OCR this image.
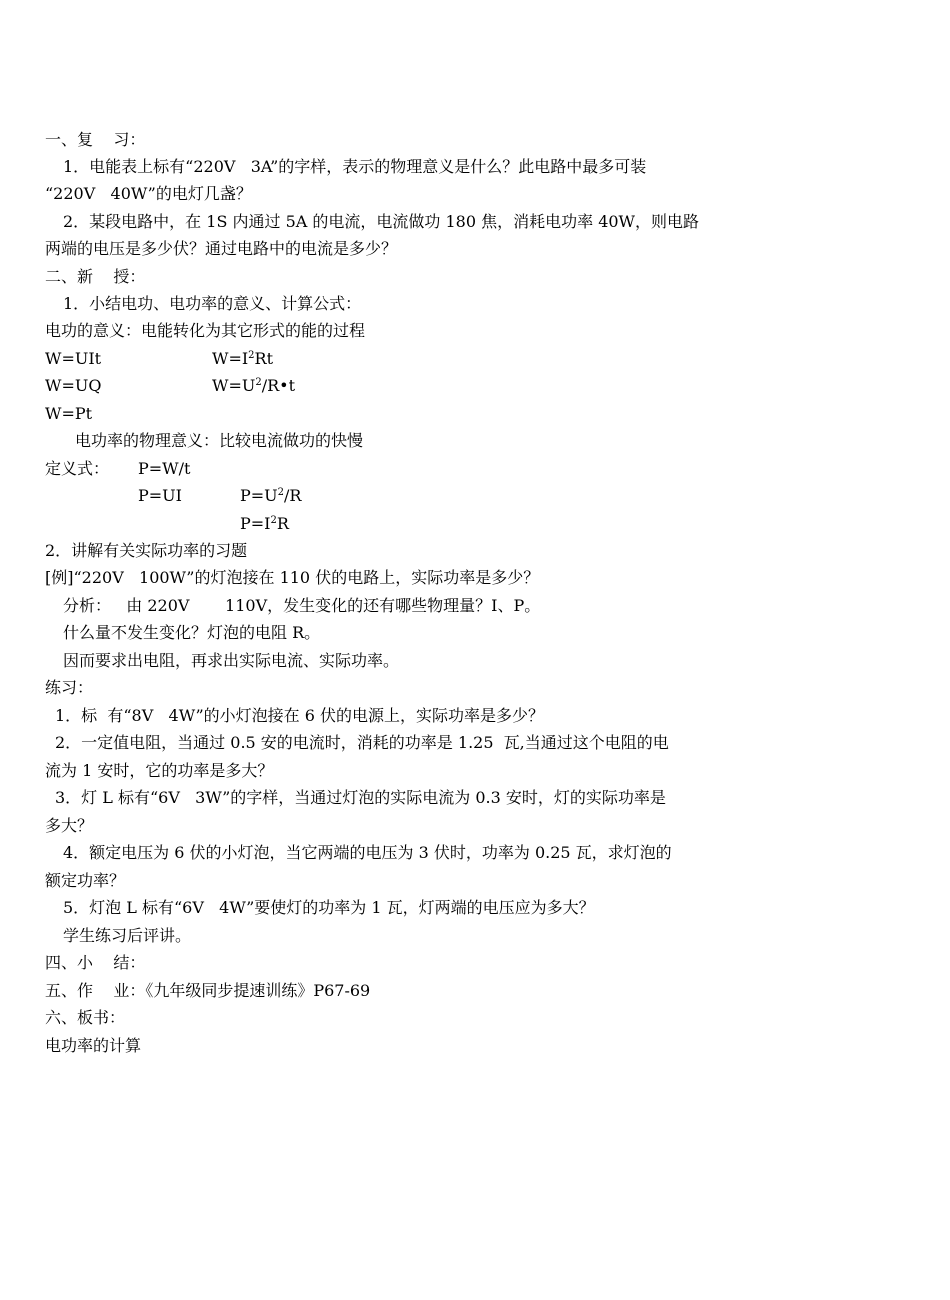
一、复    习：
1．电能表上标有“220V   3A”的字样，表示的物理意义是什么？此电路中最多可装
“220V   40W”的电灯几盏？
2．某段电路中，在 1S 内通过 5A 的电流，电流做功 180 焦，消耗电功率 40W，则电路
两端的电压是多少伏？通过电路中的电流是多少？
二、新    授：
1．小结电功、电功率的意义、计算公式：
电功的意义：电能转化为其它形式的能的过程
W=UIt	$W=I^2Rt$
W=UQ	$W=U^2/R•t$
W=Pt
电功率的物理意义：比较电流做功的快慢
定义式： P=W/t
P=UI	$P=U^2/R$
$P=I^2R$
2．讲解有关实际功率的习题
[例]“220V   100W”的灯泡接在 110 伏的电路上，实际功率是多少？
分析：   由 220V       110V，发生变化的还有哪些物理量？I、P。
什么量不发生变化？灯泡的电阻 R。
因而要求出电阻，再求出实际电流、实际功率。
练习：
1．标  有“8V   4W”的小灯泡接在 6 伏的电源上，实际功率是多少？
2．一定值电阻，当通过 0.5 安的电流时，消耗的功率是 1.25  瓦,当通过这个电阻的电
流为 1 安时，它的功率是多大？
3．灯 L 标有“6V   3W”的字样，当通过灯泡的实际电流为 0.3 安时，灯的实际功率是
多大？
4．额定电压为 6 伏的小灯泡，当它两端的电压为 3 伏时，功率为 0.25 瓦，求灯泡的
额定功率？
5．灯泡 L 标有“6V   4W”要使灯的功率为 1 瓦，灯两端的电压应为多大？
学生练习后评讲。
四、小    结：
五、作    业：《九年级同步提速训练》P67-69
六、板书：
电功率的计算
